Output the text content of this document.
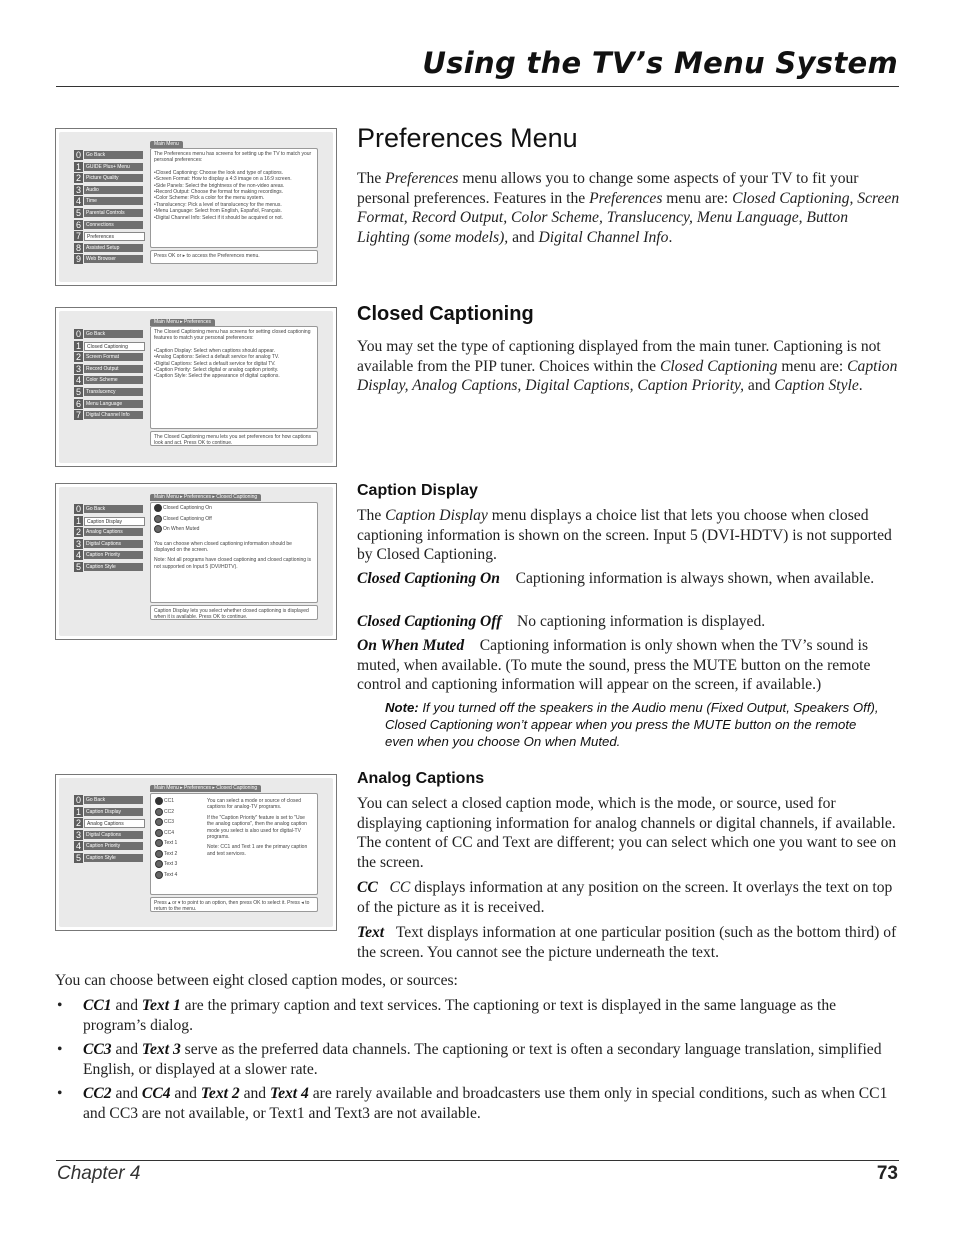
Using the TV’s Menu System
Main Menu
0	Go Back
1	GUIDE Plus+ Menu
2	Picture Quality
3	Audio
4	Time
5	Parental Controls
6	Connections
7	Preferences
8	Assisted Setup
9	Web Browser

The Preferences menu has screens for setting up the TV to match your personal preferences:

•Closed Captioning: Choose the look and type of captions.

•Screen Format: How to display a 4:3 image on a 16:9 screen.

•Side Panels: Select the brightness of the non-video areas.

•Record Output: Choose the format for making recordings.

•Color Scheme: Pick a color for the menu system.

•Translucency: Pick a level of translucency for the menus.

•Menu Language: Select from English, Español, Français.

•Digital Channel Info: Select if it should be acquired or not.

Press OK or ▸ to access the Preferences menu.
Main Menu ▸ Preferences
0	Go Back
1	Closed Captioning
2	Screen Format
3	Record Output
4	Color Scheme
5	Translucency
6	Menu Language
7	Digital Channel Info

The Closed Captioning menu has screens for setting closed captioning features to match your personal preferences:

•Caption Display: Select when captions should appear.

•Analog Captions: Select a default service for analog TV.

•Digital Captions: Select a default service for digital TV.

•Caption Priority: Select digital or analog caption priority.

•Caption Style: Select the appearance of digital captions.

The Closed Captioning menu lets you set preferences for how captions look and act. Press OK to continue.
Main Menu ▸ Preferences ▸ Closed Captioning
0	Go Back
1	Caption Display
2	Analog Captions
3	Digital Captions
4	Caption Priority
5	Caption Style
Closed Captioning On
Closed Captioning Off
On When Muted

You can choose when closed captioning information should be displayed on the screen.

Note: Not all programs have closed captioning and closed captioning is not supported on Input 5 (DVI/HDTV).

Caption Display lets you select whether closed captioning is displayed when it is available. Press OK to continue.
Main Menu ▸ Preferences ▸ Closed Captioning
0	Go Back
1	Caption Display
2	Analog Captions
3	Digital Captions
4	Caption Priority
5	Caption Style
CC1
CC2
CC3
CC4
Text 1
Text 2
Text 3
Text 4

You can select a mode or source of closed captions for analog-TV programs.

If the "Caption Priority" feature is set to "Use the analog captions", then the analog caption mode you select is also used for digital-TV programs.

Note: CC1 and Text 1 are the primary caption and text services.

Press ▴ or ▾ to point to an option, then press OK to select it. Press ◂ to return to the menu.
Preferences Menu

The Preferences menu allows you to change some aspects of your TV to fit your personal preferences. Features in the Preferences menu are: Closed Captioning, Screen Format, Record Output, Color Scheme, Translucency, Menu Language, Button Lighting (some models), and Digital Channel Info.

Closed Captioning

You may set the type of captioning displayed from the main tuner. Captioning is not available from the PIP tuner. Choices within the Closed Captioning menu are: Caption Display, Analog Captions, Digital Captions, Caption Priority, and Caption Style.

Caption Display

The Caption Display menu displays a choice list that lets you choose when closed captioning information is shown on the screen. Input 5 (DVI-HDTV) is not supported by Closed Captioning.

Closed Captioning On Captioning information is always shown, when available.

Closed Captioning Off No captioning information is displayed.

On When Muted Captioning information is only shown when the TV’s sound is muted, when available. (To mute the sound, press the MUTE button on the remote control and captioning information will appear on the screen, if available.)

Note: If you turned off the speakers in the Audio menu (Fixed Output, Speakers Off), Closed Captioning won’t appear when you press the MUTE button on the remote even when you choose On when Muted.

Analog Captions

You can select a closed caption mode, which is the mode, or source, used for displaying captioning information for analog channels or digital channels, if available. The content of CC and Text are different; you can select which one you want to see on the screen.

CC CC displays information at any position on the screen. It overlays the text on top of the picture as it is received.

Text Text displays information at one particular position (such as the bottom third) of the screen. You cannot see the picture underneath the text.

You can choose between eight closed caption modes, or sources:

• CC1 and Text 1 are the primary caption and text services. The captioning or text is displayed in the same language as the program’s dialog.
• CC3 and Text 3 serve as the preferred data channels. The captioning or text is often a secondary language translation, simplified English, or displayed at a slower rate.
• CC2 and CC4 and Text 2 and Text 4 are rarely available and broadcasters use them only in special conditions, such as when CC1 and CC3 are not available, or Text1 and Text3 are not available.
Chapter 4	73
